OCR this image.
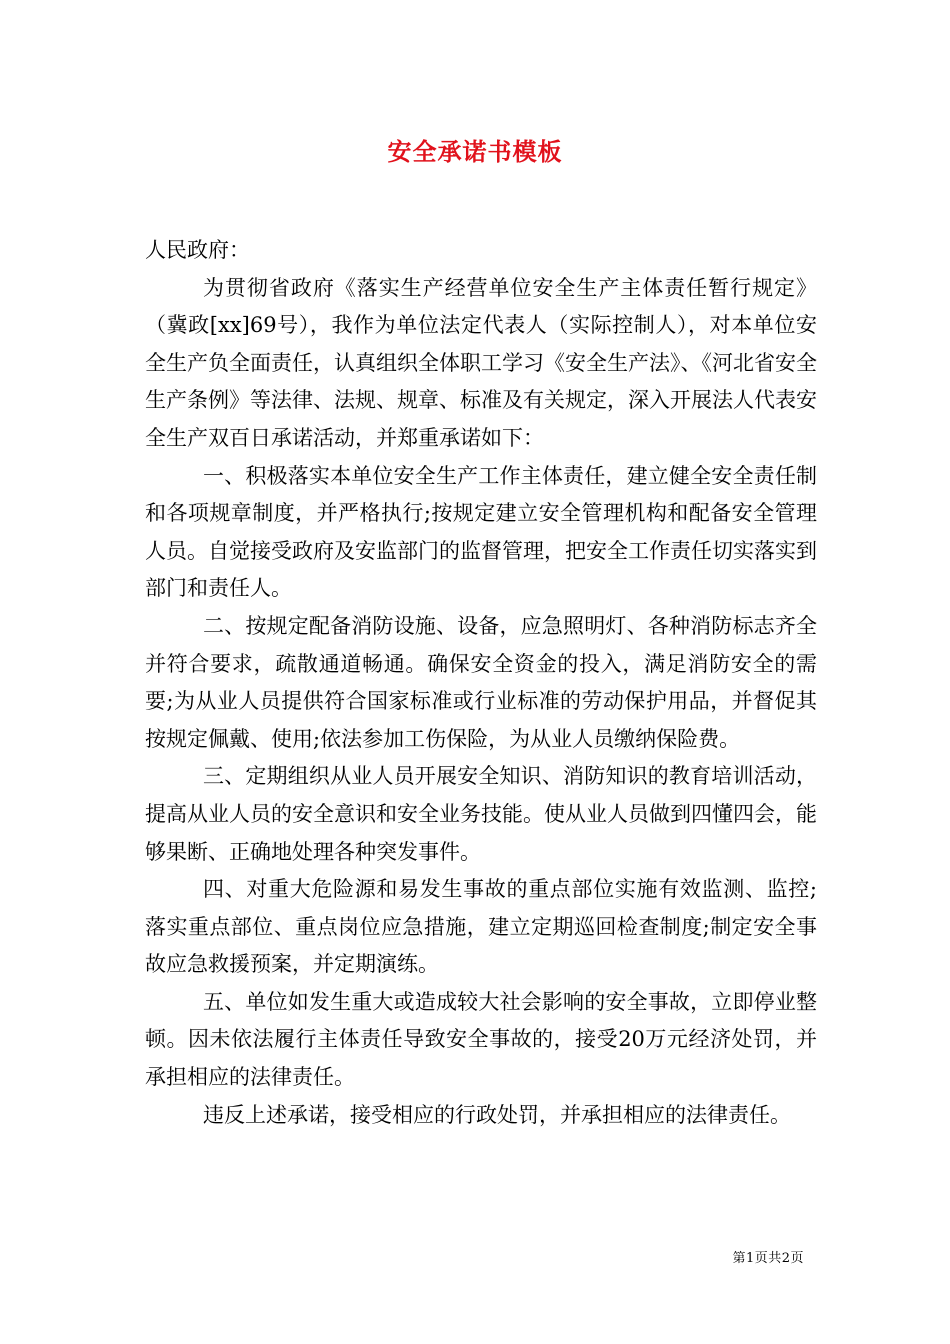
安全承诺书模板

人民政府：

为贯彻省政府《落实生产经营单位安全生产主体责任暂行规定》（冀政[xx]69号），我作为单位法定代表人（实际控制人），对本单位安全生产负全面责任，认真组织全体职工学习《安全生产法》、《河北省安全生产条例》等法律、法规、规章、标准及有关规定，深入开展法人代表安全生产双百日承诺活动，并郑重承诺如下：

一、积极落实本单位安全生产工作主体责任，建立健全安全责任制和各项规章制度，并严格执行;按规定建立安全管理机构和配备安全管理人员。自觉接受政府及安监部门的监督管理，把安全工作责任切实落实到部门和责任人。

二、按规定配备消防设施、设备，应急照明灯、各种消防标志齐全并符合要求，疏散通道畅通。确保安全资金的投入，满足消防安全的需要;为从业人员提供符合国家标准或行业标准的劳动保护用品，并督促其按规定佩戴、使用;依法参加工伤保险，为从业人员缴纳保险费。

三、定期组织从业人员开展安全知识、消防知识的教育培训活动，提高从业人员的安全意识和安全业务技能。使从业人员做到四懂四会，能够果断、正确地处理各种突发事件。

四、对重大危险源和易发生事故的重点部位实施有效监测、监控;落实重点部位、重点岗位应急措施，建立定期巡回检查制度;制定安全事故应急救援预案，并定期演练。

五、单位如发生重大或造成较大社会影响的安全事故，立即停业整顿。因未依法履行主体责任导致安全事故的，接受20万元经济处罚，并承担相应的法律责任。

违反上述承诺，接受相应的行政处罚，并承担相应的法律责任。

第1页共2页
